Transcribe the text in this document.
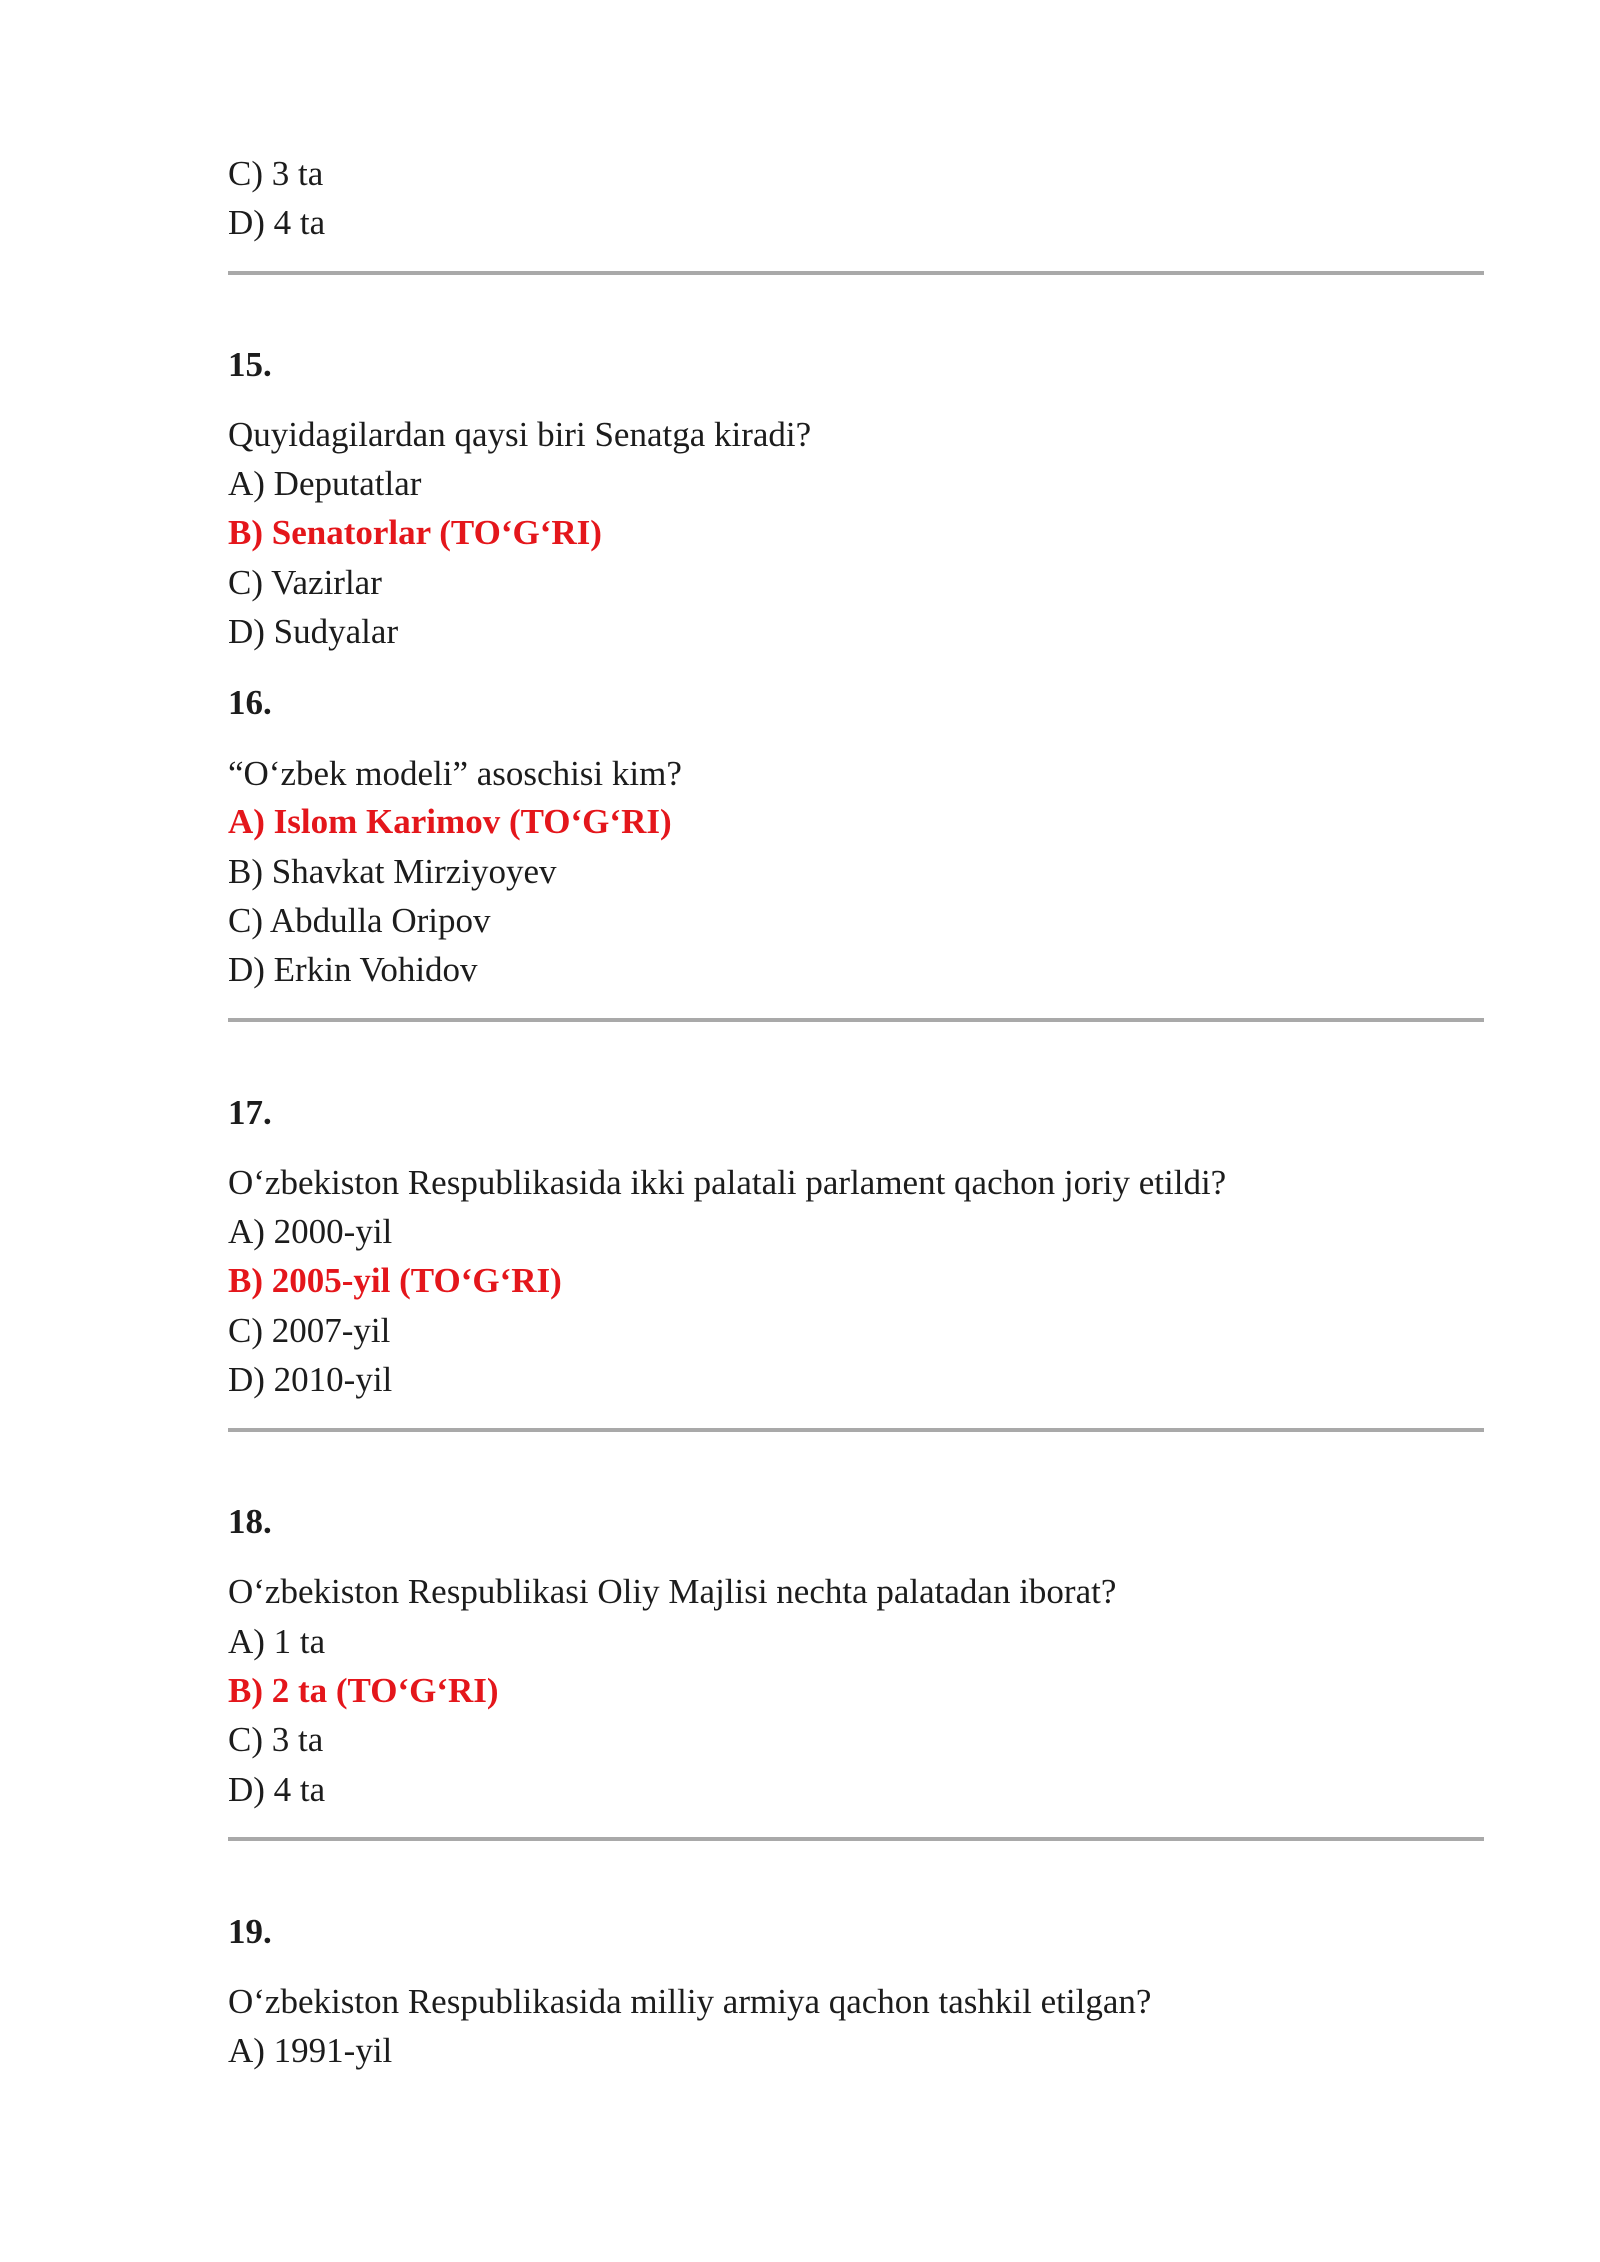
C) 3 ta
D) 4 ta
15.
Quyidagilardan qaysi biri Senatga kiradi?
A) Deputatlar
B) Senatorlar (TO‘G‘RI)
C) Vazirlar
D) Sudyalar
16.
“O‘zbek modeli” asoschisi kim?
A) Islom Karimov (TO‘G‘RI)
B) Shavkat Mirziyoyev
C) Abdulla Oripov
D) Erkin Vohidov
17.
O‘zbekiston Respublikasida ikki palatali parlament qachon joriy etildi?
A) 2000-yil
B) 2005-yil (TO‘G‘RI)
C) 2007-yil
D) 2010-yil
18.
O‘zbekiston Respublikasi Oliy Majlisi nechta palatadan iborat?
A) 1 ta
B) 2 ta (TO‘G‘RI)
C) 3 ta
D) 4 ta
19.
O‘zbekiston Respublikasida milliy armiya qachon tashkil etilgan?
A) 1991-yil
